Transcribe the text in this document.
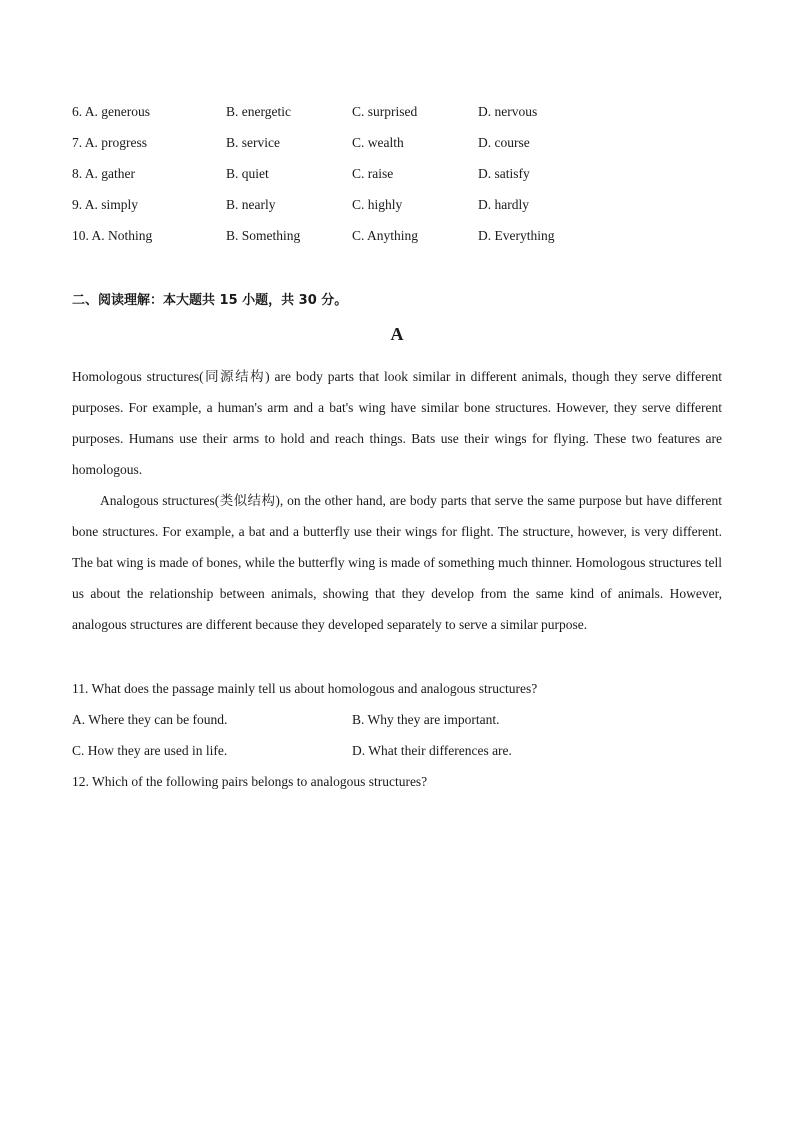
6. A. generous	B. energetic	C. surprised	D. nervous
7. A. progress	B. service	C. wealth	D. course
8. A. gather	B. quiet	C. raise	D. satisfy
9. A. simply	B. nearly	C. highly	D. hardly
10. A. Nothing	B. Something	C. Anything	D. Everything
二、阅读理解：本大题共 15 小题，共 30 分。
A

Homologous structures(同源结构) are body parts that look similar in different animals, though they serve different purposes. For example, a human's arm and a bat's wing have similar bone structures. However, they serve different purposes. Humans use their arms to hold and reach things. Bats use their wings for flying. These two features are homologous.

Analogous structures(类似结构), on the other hand, are body parts that serve the same purpose but have different bone structures. For example, a bat and a butterfly use their wings for flight. The structure, however, is very different. The bat wing is made of bones, while the butterfly wing is made of something much thinner. Homologous structures tell us about the relationship between animals, showing that they develop from the same kind of animals. However, analogous structures are different because they developed separately to serve a similar purpose.

11. What does the passage mainly tell us about homologous and analogous structures?
A. Where they can be found.	B. Why they are important.
C. How they are used in life.	D. What their differences are.
12. Which of the following pairs belongs to analogous structures?
